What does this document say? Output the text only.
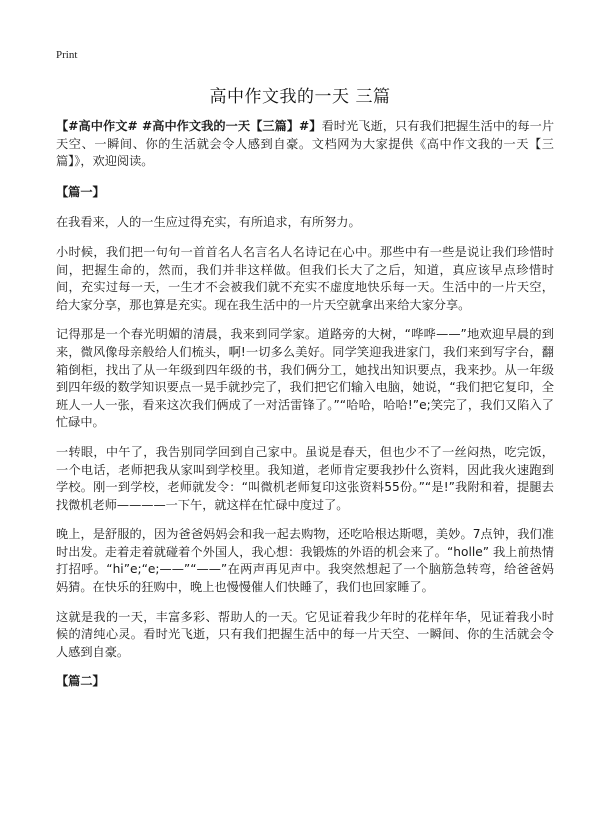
Print
高中作文我的一天 三篇

【#高中作文# #高中作文我的一天【三篇】#】看时光飞逝，只有我们把握生活中的每一片天空、一瞬间、你的生活就会令人感到自豪。文档网为大家提供《高中作文我的一天【三篇】》，欢迎阅读。

【篇一】

在我看来，人的一生应过得充实，有所追求，有所努力。

小时候，我们把一句句一首首名人名言名人名诗记在心中。那些中有一些是说让我们珍惜时间，把握生命的，然而，我们并非这样做。但我们长大了之后，知道，真应该早点珍惜时间，充实过每一天，一生才不会被我们就不充实不虚度地快乐每一天。生活中的一片天空，给大家分享，那也算是充实。现在我生活中的一片天空就拿出来给大家分享。

记得那是一个春光明媚的清晨，我来到同学家。道路旁的大树，“哗哗——”地欢迎早晨的到来，微风像母亲般给人们梳头，啊!一切多么美好。同学笑迎我进家门，我们来到写字台，翻箱倒柜，找出了从一年级到四年级的书，我们俩分工，她找出知识要点，我来抄。从一年级到四年级的数学知识要点一晃手就抄完了，我们把它们输入电脑，她说，“我们把它复印，全班人一人一张，看来这次我们俩成了一对活雷锋了。”“哈哈，哈哈!”e;笑完了，我们又陷入了忙碌中。

一转眼，中午了，我告别同学回到自己家中。虽说是春天，但也少不了一丝闷热，吃完饭，一个电话，老师把我从家叫到学校里。我知道，老师肯定要我抄什么资料，因此我火速跑到学校。刚一到学校，老师就发令：“叫微机老师复印这张资料55份。”“是!”我附和着，提腿去找微机老师————一下午，就这样在忙碌中度过了。

晚上，是舒服的，因为爸爸妈妈会和我一起去购物，还吃哈根达斯嗯，美妙。7点钟，我们准时出发。走着走着就碰着个外国人，我心想：我锻炼的外语的机会来了。“holle” 我上前热情打招呼。“hi”e;“e;——”“——”在两声再见声中。我突然想起了一个脑筋急转弯，给爸爸妈妈猜。在快乐的狂购中，晚上也慢慢催人们快睡了，我们也回家睡了。

这就是我的一天，丰富多彩、帮助人的一天。它见证着我少年时的花样年华，见证着我小时候的清纯心灵。看时光飞逝，只有我们把握生活中的每一片天空、一瞬间、你的生活就会令人感到自豪。

【篇二】
